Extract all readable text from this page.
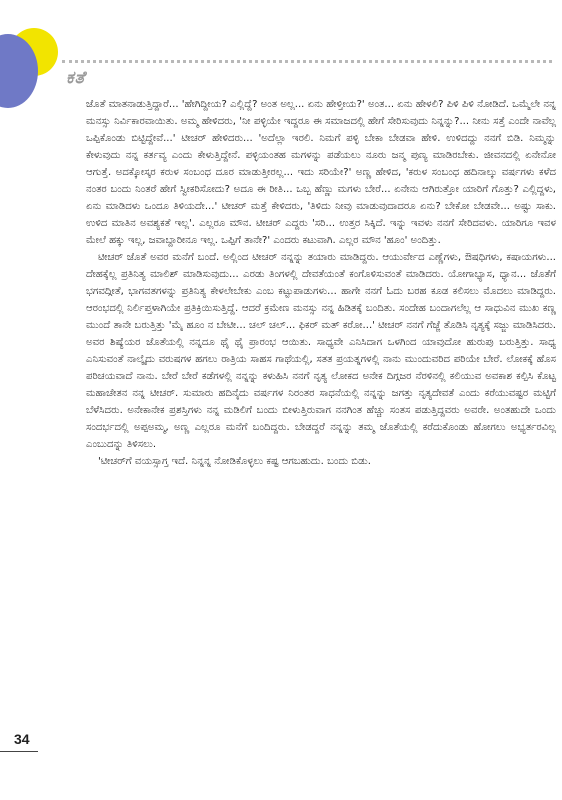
ಕತೆ

ಜೊತೆ ಮಾತನಾಡುತ್ತಿದ್ದಾರೆ... 'ಹೇಗಿದ್ದೀಯ? ಎಲ್ಲಿದ್ದೆ? ಅಂತ ಅಲ್ಲ... ಏನು ಹೇಳ್ತೀಯ?' ಅಂತ... ಏನು ಹೇಳಲಿ? ಪಿಳಿ ಪಿಳಿ ನೋಡಿದೆ. ಒಮ್ಮೆಲೇ ನನ್ನ ಮನಸ್ಸು ನಿರ್ವಿಕಾರವಾಯಿತು. ಅಮ್ಮ ಹೇಳಿದರು, 'ನೀ ಪಳ್ಳಿಯೇ ಇದ್ದರೂ ಈ ಸಮಾಜದಲ್ಲಿ ಹೇಗೆ ಸೇರಿಸುವುದು ನಿನ್ನನ್ನು?... ನೀನು ಸತ್ತೆ ಎಂದೇ ನಾವೆಲ್ಲ ಒಪ್ಪಿಕೊಂಡು ಬಿಟ್ಟಿದ್ದೇವೆ...' ಟೀಚರ್ ಹೇಳಿದರು... 'ಅದೆಲ್ಲಾ ಇರಲಿ. ನಿಮಗೆ ಪಳ್ಳಿ ಬೇಕಾ ಬೇಡವಾ ಹೇಳಿ. ಉಳಿದದ್ದು ನನಗೆ ಬಿಡಿ. ನಿಮ್ಮನ್ನು ಕೇಳುವುದು ನನ್ನ ಕರ್ತವ್ಯ ಎಂದು ಕೇಳುತ್ತಿದ್ದೇನೆ. ಪಳ್ಳಿಯಂತಹ ಮಗಳನ್ನು ಪಡೆಯಲು ನೂರು ಜನ್ಮ ಪುಣ್ಯ ಮಾಡಿರಬೇಕು. ಜೀವನದಲ್ಲಿ ಏನೇನೋ ಆಗುತ್ತೆ. ಅದಕ್ಕೋಸ್ಕರ ಕರುಳ ಸಂಬಂಧ ದೂರ ಮಾಡುತ್ತೀರಲ್ಲ... ಇದು ಸರಿಯೇ?' ಅಣ್ಣ ಹೇಳಿದ, 'ಕರುಳ ಸಂಬಂಧ ಹದಿನಾಲ್ಕು ವರ್ಷಗಳು ಕಳೆದ ನಂತರ ಬಂದು ನಿಂತರೆ ಹೇಗೆ ಸ್ವೀಕರಿಸೋದು? ಅದೂ ಈ ರೀತಿ... ಒಬ್ಬ ಹೆಣ್ಣು ಮಗಳು ಬೇರೆ... ಏನೇನು ಆಗಿರುತ್ತೋ ಯಾರಿಗೆ ಗೊತ್ತು? ಎಲ್ಲಿದ್ದಳು, ಏನು ಮಾಡಿದಳು ಒಂದೂ ತಿಳಿಯದೇ...' ಟೀಚರ್ ಮತ್ತೆ ಕೇಳಿದರು, 'ತಿಳಿದು ನೀವು ಮಾಡುವುದಾದರೂ ಏನು? ಬೇಕೋ ಬೇಡವೇ... ಅಷ್ಟು ಸಾಕು. ಉಳಿದ ಮಾತಿನ ಅವಶ್ಯಕತೆ ಇಲ್ಲ'. ಎಲ್ಲರೂ ಮೌನ. ಟೀಚರ್ ಎದ್ದರು 'ಸರಿ... ಉತ್ತರ ಸಿಕ್ಕಿದೆ. ಇನ್ನು ಇವಳು ನನಗೆ ಸೇರಿದವಳು. ಯಾರಿಗೂ ಇವಳ ಮೇಲೆ ಹಕ್ಕು ಇಲ್ಲ, ಜವಾಬ್ದಾರೀನೂ ಇಲ್ಲ. ಒಪ್ಪಿಗೆ ತಾನೇ?' ಎಂದರು ಕಟುವಾಗಿ. ಎಲ್ಲರ ಮೌನ 'ಹೂಂ' ಅಂದಿತ್ತು.

ಟೀಚರ್ ಜೊತೆ ಅವರ ಮನೆಗೆ ಬಂದೆ. ಅಲ್ಲಿಂದ ಟೀಚರ್ ನನ್ನನ್ನು ತಯಾರು ಮಾಡಿದ್ದರು. ಆಯುರ್ವೇದ ಎಣ್ಣೆಗಳು, ಔಷಧಿಗಳು, ಕಷಾಯಗಳು... ದೇಹಕ್ಕೆಲ್ಲ ಪ್ರತಿನಿತ್ಯ ಮಾಲಿಶ್ ಮಾಡಿಸುವುದು... ಎರಡು ತಿಂಗಳಲ್ಲಿ ದೇವತೆಯಂತೆ ಕಂಗೊಳಿಸುವಂತೆ ಮಾಡಿದರು. ಯೋಗಾಭ್ಯಾಸ, ಧ್ಯಾನ... ಜೊತೆಗೆ ಭಗವದ್ಗೀತೆ, ಭಾಗವತಗಳನ್ನು ಪ್ರತಿನಿತ್ಯ ಕೇಳಲೇಬೇಕು ಎಂಬ ಕಟ್ಟುಪಾಡುಗಳು... ಹಾಗೇ ನನಗೆ ಓದು ಬರಹ ಕೂಡ ಕಲಿಸಲು ಮೊದಲು ಮಾಡಿದ್ದರು. ಆರಂಭದಲ್ಲಿ ನಿರ್ಲಿಪ್ತಳಾಗಿಯೇ ಪ್ರತಿಕ್ರಿಯಿಸುತ್ತಿದ್ದೆ. ಆದರೆ ಕ್ರಮೇಣ ಮನಸ್ಸು ನನ್ನ ಹಿಡಿತಕ್ಕೆ ಬಂದಿತು. ಸಂದೇಹ ಬಂದಾಗಲೆಲ್ಲ ಆ ಸಾಧುವಿನ ಮುಖ ಕಣ್ಣ ಮುಂದೆ ತಾನೇ ಬರುತ್ತಿತ್ತು 'ಮೈ ಹೂಂ ನ ಬೇಟೀ... ಚಲ್ ಚಲ್... ಫಿಕರ್ ಮತ್ ಕರೋ...' ಟೀಚರ್ ನನಗೆ ಗೆಜ್ಜೆ ತೊಡಿಸಿ ನೃತ್ಯಕ್ಕೆ ಸಜ್ಜು ಮಾಡಿಸಿದರು. ಅವರ ಶಿಷ್ಯೆಯರ ಜೊತೆಯಲ್ಲಿ ನನ್ನದೂ ಥೈ ಥೈ ಪ್ರಾರಂಭ ಆಯಿತು. ಸಾಧ್ಯವೇ ಎನಿಸಿದಾಗ ಒಳಗಿಂದ ಯಾವುದೋ ಹುರುಪು ಬರುತ್ತಿತ್ತು. ಸಾಧ್ಯ ಎನಿಸುವಂತೆ ನಾಲ್ಕೈದು ವರುಷಗಳ ಹಗಲು ರಾತ್ರಿಯ ಸಾಹಸ ಗಾಥೆಯಲ್ಲಿ, ಸತತ ಪ್ರಯತ್ನಗಳಲ್ಲಿ ನಾನು ಮುಂದುವರಿದ ಪರಿಯೇ ಬೇರೆ. ಲೋಕಕ್ಕೆ ಹೊಸ ಪರಿಚಯವಾದೆ ನಾನು. ಬೇರೆ ಬೇರೆ ಕಡೆಗಳಲ್ಲಿ ನನ್ನನ್ನು ಕಳುಹಿಸಿ ನನಗೆ ನೃತ್ಯ ಲೋಕದ ಅನೇಕ ದಿಗ್ಗಜರ ನೆರಳಿನಲ್ಲಿ ಕಲಿಯುವ ಅವಕಾಶ ಕಲ್ಪಿಸಿ ಕೊಟ್ಟ ಮಹಾಚೇತನ ನನ್ನ ಟೀಚರ್. ಸುಮಾರು ಹದಿನೈದು ವರ್ಷಗಳ ನಿರಂತರ ಸಾಧನೆಯಲ್ಲಿ ನನ್ನನ್ನು ಜಗತ್ತು ನೃತ್ಯದೇವತೆ ಎಂದು ಕರೆಯುವಷ್ಟರ ಮಟ್ಟಿಗೆ ಬೆಳೆಸಿದರು. ಅನೇಕಾನೇಕ ಪ್ರಶಸ್ತಿಗಳು ನನ್ನ ಮಡಿಲಿಗೆ ಬಂದು ಬೀಳುತ್ತಿರುವಾಗ ನನಗಿಂತ ಹೆಚ್ಚು ಸಂತಸ ಪಡುತ್ತಿದ್ದವರು ಅವರೇ. ಅಂತಹುದೇ ಒಂದು ಸಂದರ್ಭದಲ್ಲಿ ಅಪ್ಪಅಮ್ಮ, ಅಣ್ಣ ಎಲ್ಲರೂ ಮನೆಗೆ ಬಂದಿದ್ದರು. ಬೇಡದ್ದರೆ ನನ್ನನ್ನು ತಮ್ಮ ಜೊತೆಯಲ್ಲಿ ಕರೆದುಕೊಂಡು ಹೋಗಲು ಅಭ್ಯರ್ತರವಿಲ್ಲ ಎಂಬುದನ್ನು ತಿಳಿಸಲು.

'ಟೀಚರ್‌ಗೆ ವಯಸ್ಸಾಗ್ತ ಇದೆ. ನಿನ್ನನ್ನ ನೋಡಿಕೊಳ್ಳಲು ಕಷ್ಟ ಆಗಬಹುದು. ಬಂದು ಬಿಡು.

34
